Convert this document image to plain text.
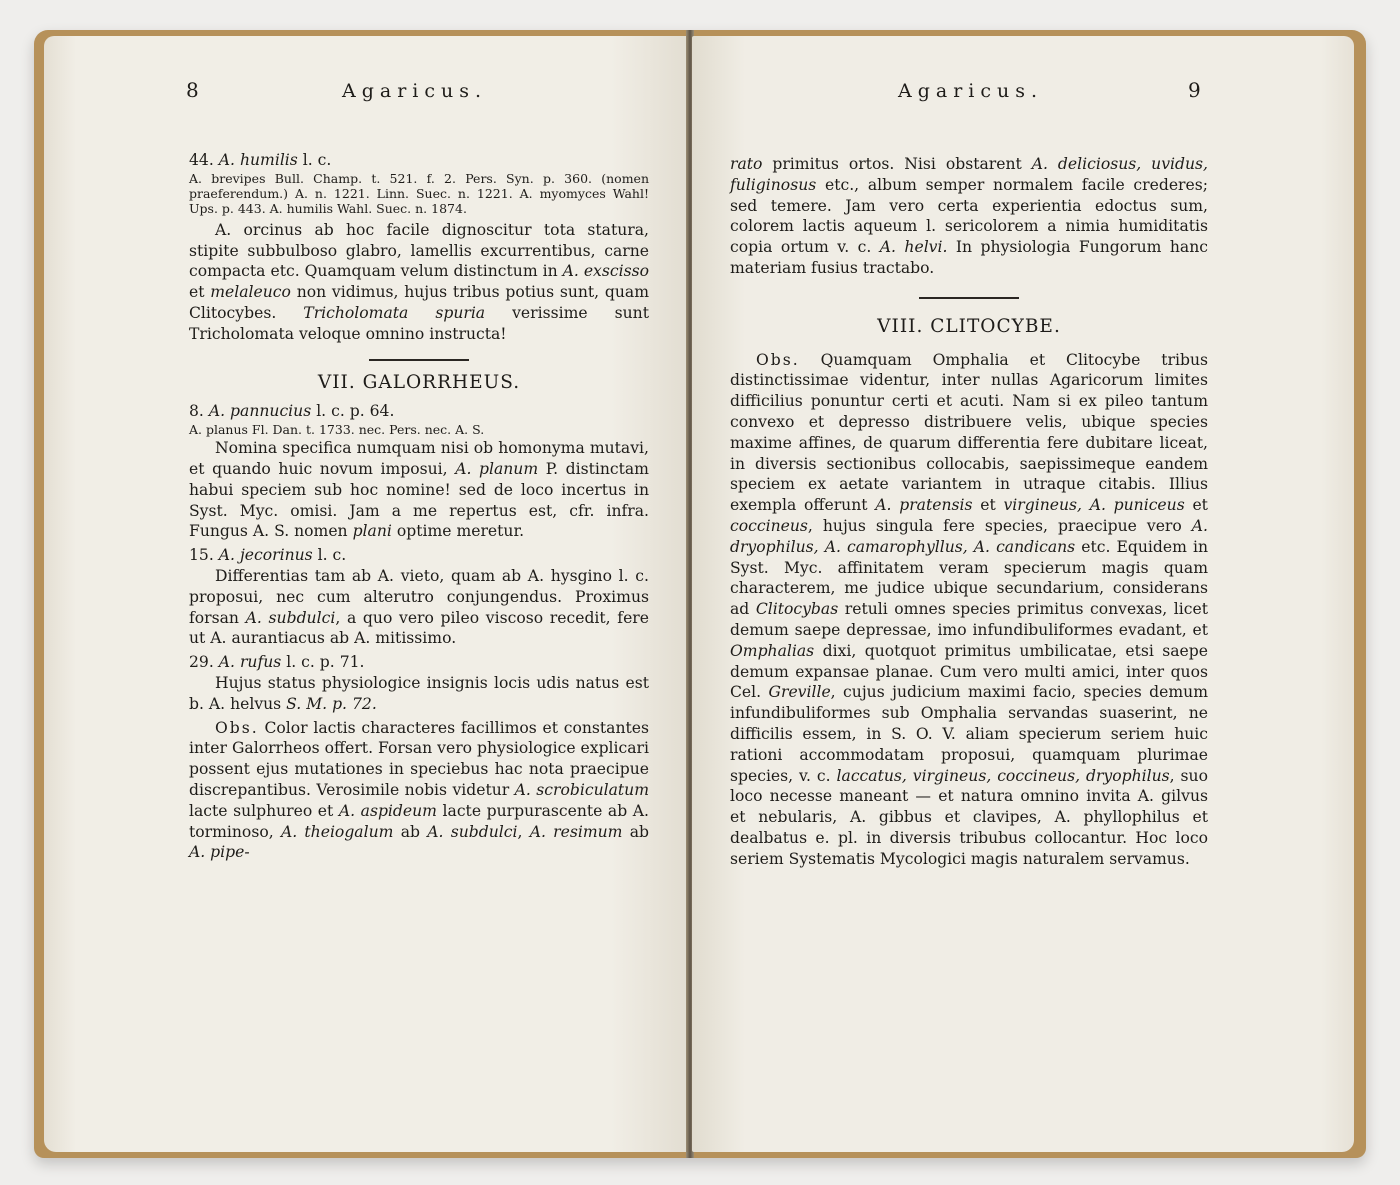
8	Agaricus.

44. A. humilis l. c.

A. brevipes Bull. Champ. t. 521. f. 2. Pers. Syn. p. 360. (nomen praeferendum.) A. n. 1221. Linn. Suec. n. 1221. A. myomyces Wahl! Ups. p. 443. A. humilis Wahl. Suec. n. 1874.

A. orcinus ab hoc facile dignoscitur tota statura, stipite subbulboso glabro, lamellis excurrentibus, carne compacta etc. Quamquam velum distinctum in A. exscisso et melaleuco non vidimus, hujus tribus potius sunt, quam Clitocybes. Tricholomata spuria verissime sunt Tricholomata veloque omnino instructa!

VII. GALORRHEUS.

8. A. pannucius l. c. p. 64.

A. planus Fl. Dan. t. 1733. nec. Pers. nec. A. S.

Nomina specifica numquam nisi ob homonyma mutavi, et quando huic novum imposui, A. planum P. distinctam habui speciem sub hoc nomine! sed de loco incertus in Syst. Myc. omisi. Jam a me repertus est, cfr. infra. Fungus A. S. nomen plani optime meretur.

15. A. jecorinus l. c.

Differentias tam ab A. vieto, quam ab A. hysgino l. c. proposui, nec cum alterutro conjungendus. Proximus forsan A. subdulci, a quo vero pileo viscoso recedit, fere ut A. aurantiacus ab A. mitissimo.

29. A. rufus l. c. p. 71.

Hujus status physiologice insignis locis udis natus est b. A. helvus S. M. p. 72.

Obs. Color lactis characteres facillimos et constantes inter Galorrheos offert. Forsan vero physiologice explicari possent ejus mutationes in speciebus hac nota praecipue discrepantibus. Verosimile nobis videtur A. scrobiculatum lacte sulphureo et A. aspideum lacte purpurascente ab A. torminoso, A. theiogalum ab A. subdulci, A. resimum ab A. pipe-

Agaricus.	9

rato primitus ortos. Nisi obstarent A. deliciosus, uvidus, fuliginosus etc., album semper normalem facile crederes; sed temere. Jam vero certa experientia edoctus sum, colorem lactis aqueum l. sericolorem a nimia humiditatis copia ortum v. c. A. helvi. In physiologia Fungorum hanc materiam fusius tractabo.

VIII. CLITOCYBE.

Obs. Quamquam Omphalia et Clitocybe tribus distinctissimae videntur, inter nullas Agaricorum limites difficilius ponuntur certi et acuti. Nam si ex pileo tantum convexo et depresso distribuere velis, ubique species maxime affines, de quarum differentia fere dubitare liceat, in diversis sectionibus collocabis, saepissimeque eandem speciem ex aetate variantem in utraque citabis. Illius exempla offerunt A. pratensis et virgineus, A. puniceus et coccineus, hujus singula fere species, praecipue vero A. dryophilus, A. camarophyllus, A. candicans etc. Equidem in Syst. Myc. affinitatem veram specierum magis quam characterem, me judice ubique secundarium, considerans ad Clitocybas retuli omnes species primitus convexas, licet demum saepe depressae, imo infundibuliformes evadant, et Omphalias dixi, quotquot primitus umbilicatae, etsi saepe demum expansae planae. Cum vero multi amici, inter quos Cel. Greville, cujus judicium maximi facio, species demum infundibuliformes sub Omphalia servandas suaserint, ne difficilis essem, in S. O. V. aliam specierum seriem huic rationi accommodatam proposui, quamquam plurimae species, v. c. laccatus, virgineus, coccineus, dryophilus, suo loco necesse maneant — et natura omnino invita A. gilvus et nebularis, A. gibbus et clavipes, A. phyllophilus et dealbatus e. pl. in diversis tribubus collocantur. Hoc loco seriem Systematis Mycologici magis naturalem servamus.
